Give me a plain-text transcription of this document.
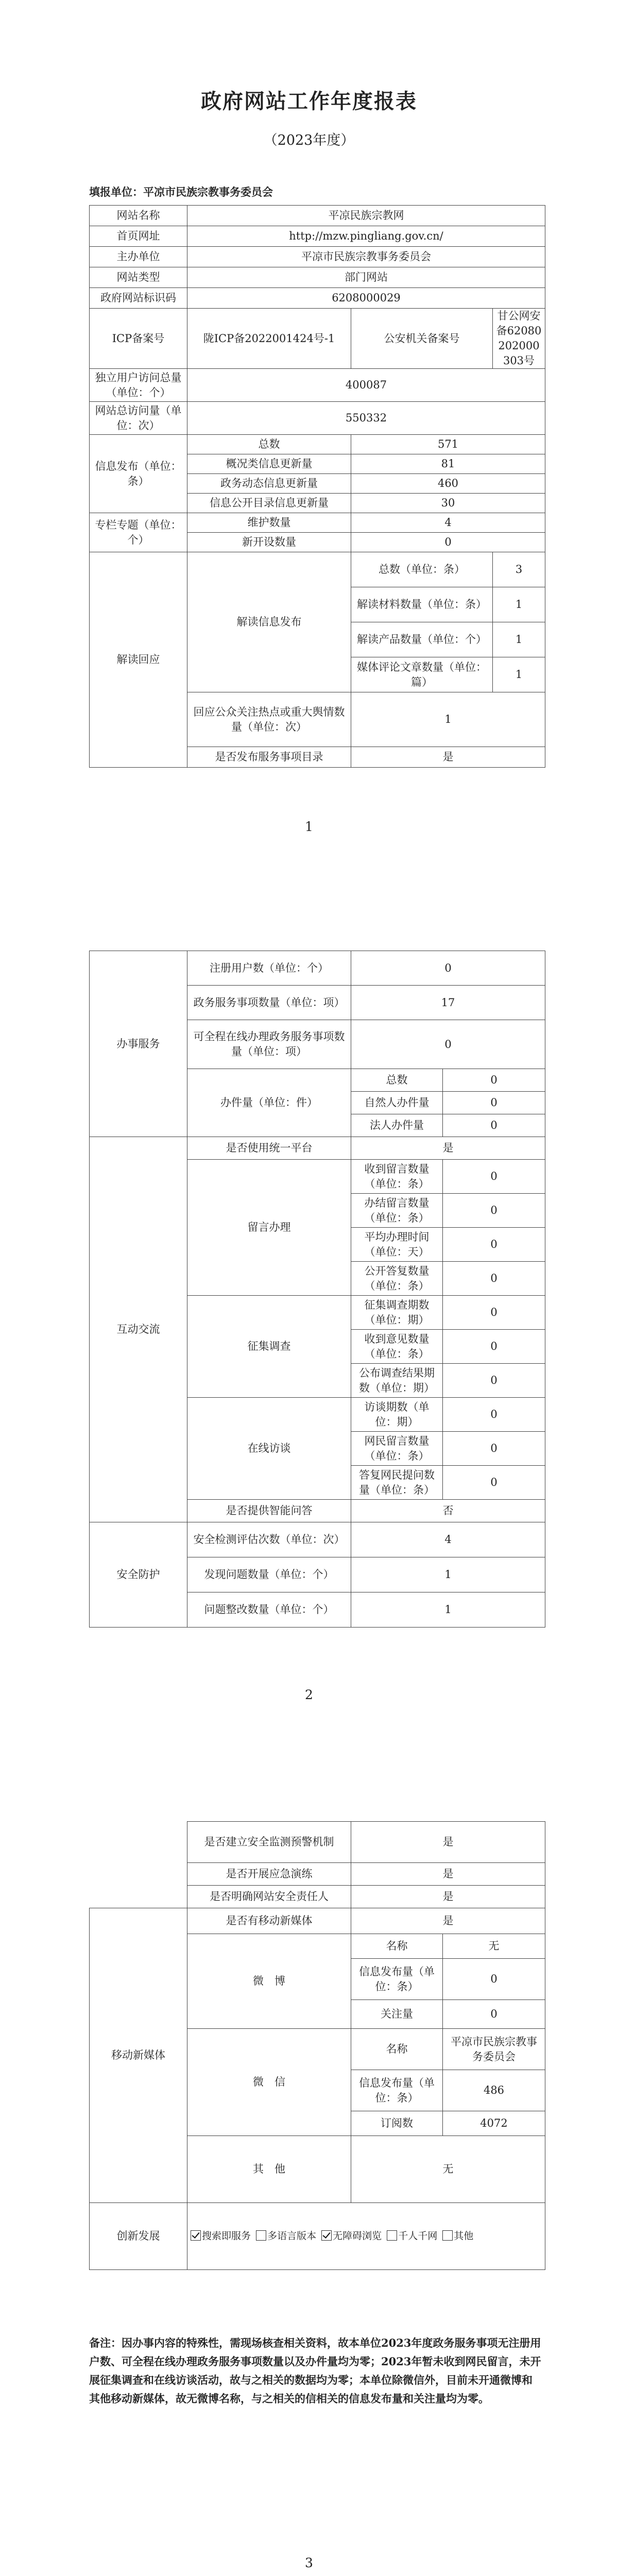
政府网站工作年度报表
（2023年度）
填报单位：平凉市民族宗教事务委员会
网站名称	平凉民族宗教网		
首页网址	http://mzw.pingliang.gov.cn/		
主办单位	平凉市民族宗教事务委员会		
网站类型	部门网站		
政府网站标识码	6208000029		
ICP备案号	陇ICP备2022001424号-1	公安机关备案号	甘公网安备62080202000303号
独立用户访问总量（单位：个）	400087		
网站总访问量（单位：次）	550332		
信息发布（单位：条）	总数	571	
	概况类信息更新量	81	
	政务动态信息更新量	460	
	信息公开目录信息更新量	30	
专栏专题（单位：个）	维护数量	4	
	新开设数量	0	
解读回应	解读信息发布	总数（单位：条）	3
		解读材料数量（单位：条）	1
		解读产品数量（单位：个）	1
		媒体评论文章数量（单位：篇）	1
	回应公众关注热点或重大舆情数量（单位：次）	1	
	是否发布服务事项目录	是	
1
办事服务	注册用户数（单位：个）	0	
	政务服务事项数量（单位：项）	17	
	可全程在线办理政务服务事项数量（单位：项）	0	
	办件量（单位：件）	总数	0
		自然人办件量	0
		法人办件量	0
互动交流	是否使用统一平台	是	
	留言办理	收到留言数量（单位：条）	0
		办结留言数量（单位：条）	0
		平均办理时间（单位：天）	0
		公开答复数量（单位：条）	0
	征集调查	征集调查期数（单位：期）	0
		收到意见数量（单位：条）	0
		公布调查结果期数（单位：期）	0
	在线访谈	访谈期数（单位：期）	0
		网民留言数量（单位：条）	0
		答复网民提问数量（单位：条）	0
	是否提供智能问答	否	
安全防护	安全检测评估次数（单位：次）	4	
	发现问题数量（单位：个）	1	
	问题整改数量（单位：个）	1	
2
	是否建立安全监测预警机制	是	
	是否开展应急演练	是	
	是否明确网站安全责任人	是	
移动新媒体	是否有移动新媒体	是	
	微　博	名称	无
		信息发布量（单位：条）	0
		关注量	0
	微　信	名称	平凉市民族宗教事务委员会
		信息发布量（单位：条）	486
		订阅数	4072
	其　他	无	
创新发展	搜索即服务 多语言版本 无障碍浏览 千人千网 其他		
备注：因办事内容的特殊性，需现场核查相关资料，故本单位2023年度政务服务事项无注册用户数、可全程在线办理政务服务事项数量以及办件量均为零；2023年暂未收到网民留言，未开展征集调查和在线访谈活动，故与之相关的数据均为零；本单位除微信外，目前未开通微博和其他移动新媒体，故无微博名称，与之相关的信相关的信息发布量和关注量均为零。
3
